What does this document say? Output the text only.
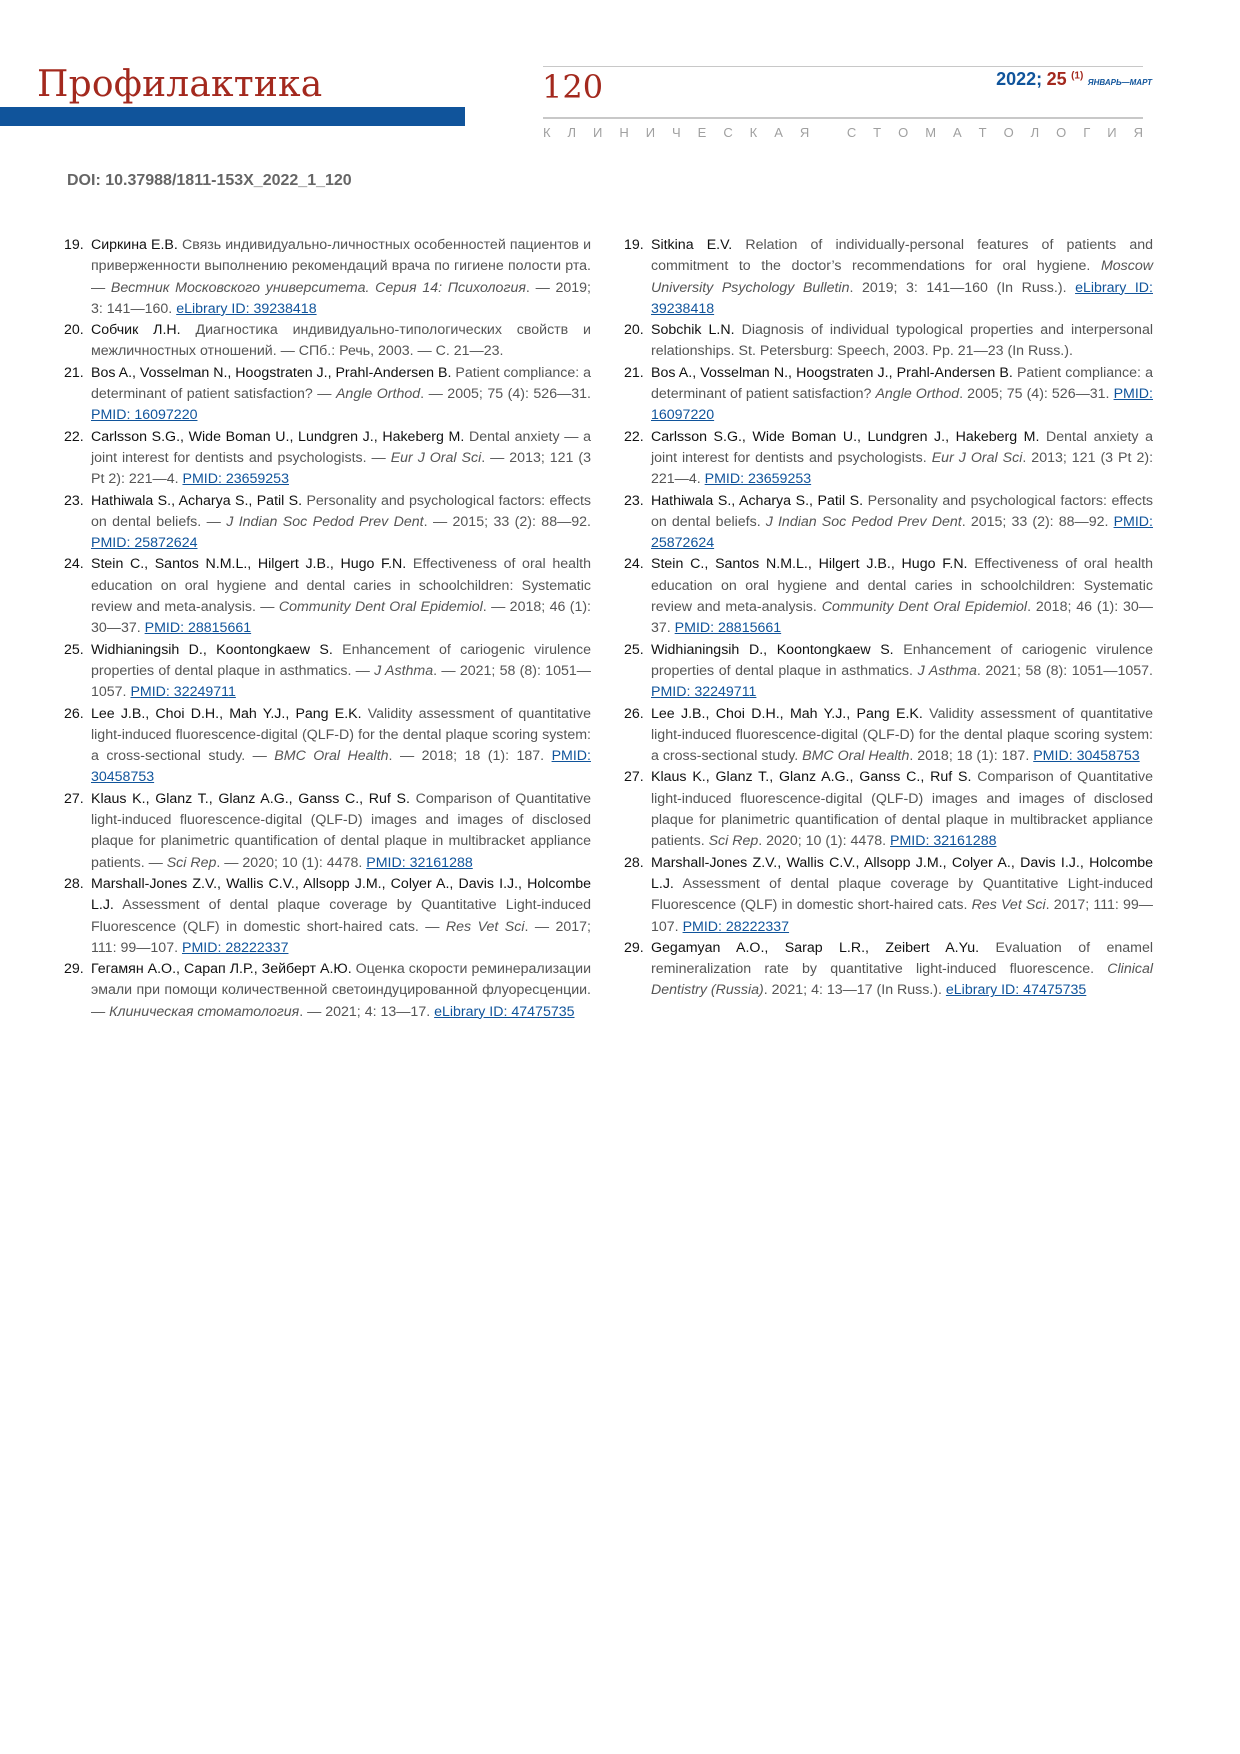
Профилактика	120	2022; 25 $^{(1)}$ ЯНВАРЬ—МАРТ
К Л И Н И Ч Е С К А Я
	С Т О М А Т О Л О Г И Я
DOI: 10.37988/1811-153X_2022_1_120
19. Сиркина Е.В. Связь индивидуально-личностных особенностей пациентов и приверженности выполнению рекомендаций врача по гигиене полости рта. — Вестник Московского университета. Серия 14: Психология. — 2019; 3: 141—160. eLibrary ID: 39238418
20. Собчик Л.Н. Диагностика индивидуально-типологических свойств и межличностных отношений. — СПб.: Речь, 2003. — С. 21—23.
21. Bos A., Vosselman N., Hoogstraten J., Prahl-Andersen B. Patient compliance: a determinant of patient satisfaction? — Angle Orthod. — 2005; 75 (4): 526—31. PMID: 16097220
22. Carlsson S.G., Wide Boman U., Lundgren J., Hakeberg M. Dental anxiety — a joint interest for dentists and psychologists. — Eur J Oral Sci. — 2013; 121 (3 Pt 2): 221—4. PMID: 23659253
23. Hathiwala S., Acharya S., Patil S. Personality and psychological factors: effects on dental beliefs. — J Indian Soc Pedod Prev Dent. — 2015; 33 (2): 88—92. PMID: 25872624
24. Stein C., Santos N.M.L., Hilgert J.B., Hugo F.N. Effectiveness of oral health education on oral hygiene and dental caries in schoolchildren: Systematic review and meta-analysis. — Community Dent Oral Epidemiol. — 2018; 46 (1): 30—37. PMID: 28815661
25. Widhianingsih D., Koontongkaew S. Enhancement of cariogenic virulence properties of dental plaque in asthmatics. — J Asthma. — 2021; 58 (8): 1051—1057. PMID: 32249711
26. Lee J.B., Choi D.H., Mah Y.J., Pang E.K. Validity assessment of quantitative light-induced fluorescence-digital (QLF-D) for the dental plaque scoring system: a cross-sectional study. — BMC Oral Health. — 2018; 18 (1): 187. PMID: 30458753
27. Klaus K., Glanz T., Glanz A.G., Ganss C., Ruf S. Comparison of Quantitative light-induced fluorescence-digital (QLF-D) images and images of disclosed plaque for planimetric quantification of dental plaque in multibracket appliance patients. — Sci Rep. — 2020; 10 (1): 4478. PMID: 32161288
28. Marshall-Jones Z.V., Wallis C.V., Allsopp J.M., Colyer A., Davis I.J., Holcombe L.J. Assessment of dental plaque coverage by Quantitative Light-induced Fluorescence (QLF) in domestic short-haired cats. — Res Vet Sci. — 2017; 111: 99—107. PMID: 28222337
29. Гегамян А.О., Сарап Л.Р., Зейберт А.Ю. Оценка скорости реминерализации эмали при помощи количественной светоиндуцированной флуоресценции. — Клиническая стоматология. — 2021; 4: 13—17. eLibrary ID: 47475735
19. Sitkina E.V. Relation of individually-personal features of patients and commitment to the doctor’s recommendations for oral hygiene. Moscow University Psychology Bulletin. 2019; 3: 141—160 (In Russ.). eLibrary ID: 39238418
20. Sobchik L.N. Diagnosis of individual typological properties and interpersonal relationships. St. Petersburg: Speech, 2003. Pp. 21—23 (In Russ.).
21. Bos A., Vosselman N., Hoogstraten J., Prahl-Andersen B. Patient compliance: a determinant of patient satisfaction? Angle Orthod. 2005; 75 (4): 526—31. PMID: 16097220
22. Carlsson S.G., Wide Boman U., Lundgren J., Hakeberg M. Dental anxiety a joint interest for dentists and psychologists. Eur J Oral Sci. 2013; 121 (3 Pt 2): 221—4. PMID: 23659253
23. Hathiwala S., Acharya S., Patil S. Personality and psychological factors: effects on dental beliefs. J Indian Soc Pedod Prev Dent. 2015; 33 (2): 88—92. PMID: 25872624
24. Stein C., Santos N.M.L., Hilgert J.B., Hugo F.N. Effectiveness of oral health education on oral hygiene and dental caries in schoolchildren: Systematic review and meta-analysis. Community Dent Oral Epidemiol. 2018; 46 (1): 30—37. PMID: 28815661
25. Widhianingsih D., Koontongkaew S. Enhancement of cariogenic virulence properties of dental plaque in asthmatics. J Asthma. 2021; 58 (8): 1051—1057. PMID: 32249711
26. Lee J.B., Choi D.H., Mah Y.J., Pang E.K. Validity assessment of quantitative light-induced fluorescence-digital (QLF-D) for the dental plaque scoring system: a cross-sectional study. BMC Oral Health. 2018; 18 (1): 187. PMID: 30458753
27. Klaus K., Glanz T., Glanz A.G., Ganss C., Ruf S. Comparison of Quantitative light-induced fluorescence-digital (QLF-D) images and images of disclosed plaque for planimetric quantification of dental plaque in multibracket appliance patients. Sci Rep. 2020; 10 (1): 4478. PMID: 32161288
28. Marshall-Jones Z.V., Wallis C.V., Allsopp J.M., Colyer A., Davis I.J., Holcombe L.J. Assessment of dental plaque coverage by Quantitative Light-induced Fluorescence (QLF) in domestic short-haired cats. Res Vet Sci. 2017; 111: 99—107. PMID: 28222337
29. Gegamyan A.O., Sarap L.R., Zeibert A.Yu. Evaluation of enamel remineralization rate by quantitative light-induced fluorescence. Clinical Dentistry (Russia). 2021; 4: 13—17 (In Russ.). eLibrary ID: 47475735
